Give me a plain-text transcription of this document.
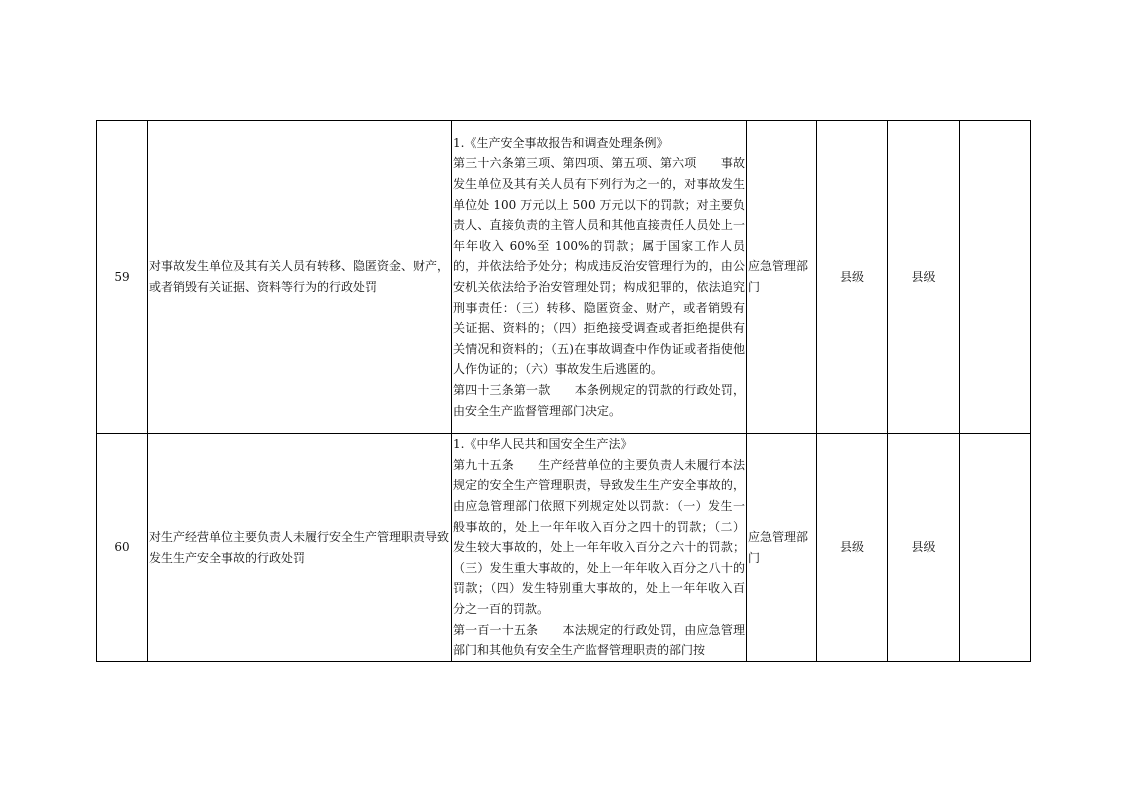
59	对事故发生单位及其有关人员有转移、隐匿资金、财产，或者销毁有关证据、资料等行为的行政处罚	1.《生产安全事故报告和调查处理条例》
第三十六条第三项、第四项、第五项、第六项　　事故发生单位及其有关人员有下列行为之一的，对事故发生单位处 100 万元以上 500 万元以下的罚款；对主要负责人、直接负责的主管人员和其他直接责任人员处上一年年收入 60%至 100%的罚款；属于国家工作人员的，并依法给予处分；构成违反治安管理行为的，由公安机关依法给予治安管理处罚；构成犯罪的，依法追究刑事责任：（三）转移、隐匿资金、财产，或者销毁有关证据、资料的；（四）拒绝接受调查或者拒绝提供有关情况和资料的；（五)在事故调查中作伪证或者指使他人作伪证的；（六）事故发生后逃匿的。
第四十三条第一款　　本条例规定的罚款的行政处罚，由安全生产监督管理部门决定。	应急管理部门	县级	县级	
60	对生产经营单位主要负责人未履行安全生产管理职责导致发生生产安全事故的行政处罚	1.《中华人民共和国安全生产法》
第九十五条　　生产经营单位的主要负责人未履行本法规定的安全生产管理职责，导致发生生产安全事故的，由应急管理部门依照下列规定处以罚款：（一）发生一般事故的，处上一年年收入百分之四十的罚款；（二）发生较大事故的，处上一年年收入百分之六十的罚款；（三）发生重大事故的，处上一年年收入百分之八十的罚款；（四）发生特别重大事故的，处上一年年收入百分之一百的罚款。
第一百一十五条　　本法规定的行政处罚，由应急管理部门和其他负有安全生产监督管理职责的部门按	应急管理部门	县级	县级	
